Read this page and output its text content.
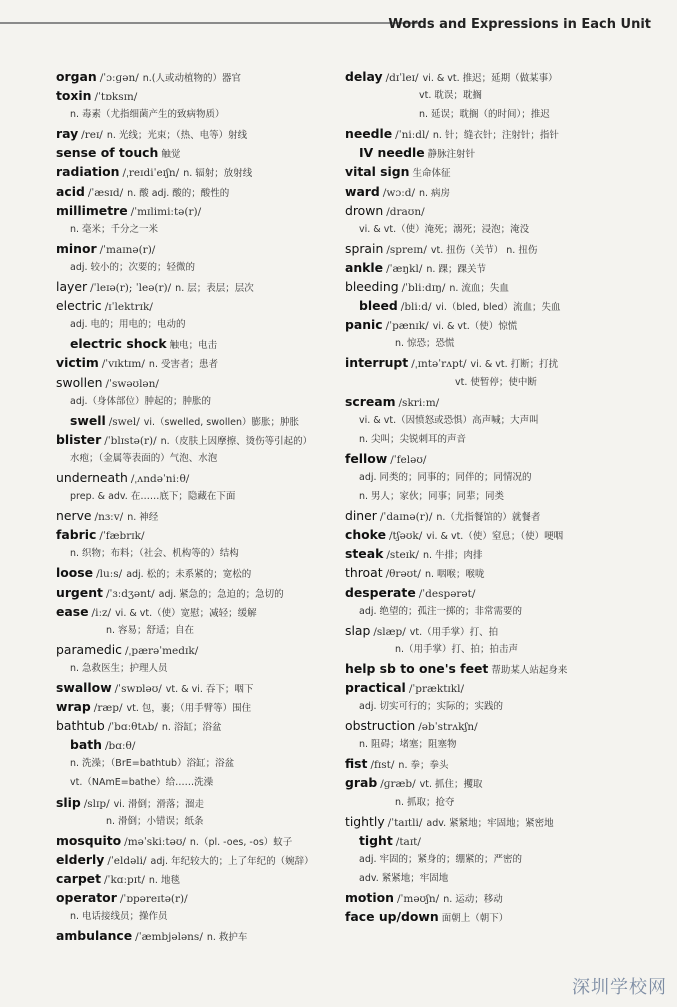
Words and Expressions in Each Unit
organ /ˈɔːɡən/ n.(人或动植物的）器官
toxin /ˈtɒksɪn/
n. 毒素（尤指细菌产生的致病物质）
ray /reɪ/ n. 光线；光束；（热、电等）射线
sense of touch 触觉
radiation /ˌreɪdiˈeɪʃn/ n. 辐射；放射线
acid /ˈæsɪd/ n. 酸 adj. 酸的；酸性的
millimetre /ˈmɪlimiːtə(r)/
n. 毫米；千分之一米
minor /ˈmaɪnə(r)/
adj. 较小的；次要的；轻微的
layer /ˈleɪə(r); ˈleə(r)/ n. 层；表层；层次
electric /ɪˈlektrɪk/
adj. 电的；用电的；电动的
electric shock 触电；电击
victim /ˈvɪktɪm/ n. 受害者；患者
swollen /ˈswəʊlən/
adj.（身体部位）肿起的；肿胀的
swell /swel/ vi.（swelled, swollen）膨胀；肿胀
blister /ˈblɪstə(r)/ n.（皮肤上因摩擦、烫伤等引起的）
水疱；（金属等表面的）气泡、水泡
underneath /ˌʌndəˈniːθ/
prep. & adv. 在……底下；隐藏在下面
nerve /nɜːv/ n. 神经
fabric /ˈfæbrɪk/
n. 织物；布料；（社会、机构等的）结构
loose /luːs/ adj. 松的；未系紧的；宽松的
urgent /ˈɜːdʒənt/ adj. 紧急的；急迫的；急切的
ease /iːz/ vi. & vt.（使）宽慰；减轻；缓解
n. 容易；舒适；自在
paramedic /ˌpærəˈmedɪk/
n. 急救医生；护理人员
swallow /ˈswɒləʊ/ vt. & vi. 吞下；咽下
wrap /ræp/ vt. 包，裹；（用手臂等）围住
bathtub /ˈbɑːθtʌb/ n. 浴缸；浴盆
bath /bɑːθ/
n. 洗澡；（BrE=bathtub）浴缸；浴盆
vt.（NAmE=bathe）给……洗澡
slip /slɪp/ vi. 滑倒；滑落；溜走
n. 滑倒；小错误；纸条
mosquito /məˈskiːtəʊ/ n.（pl. -oes, -os）蚊子
elderly /ˈeldəli/ adj. 年纪较大的；上了年纪的（婉辞）
carpet /ˈkɑːpɪt/ n. 地毯
operator /ˈɒpəreɪtə(r)/
n. 电话接线员；操作员
ambulance /ˈæmbjələns/ n. 救护车
delay /dɪˈleɪ/ vi. & vt. 推迟；延期（做某事）
vt. 耽误；耽搁
n. 延误；耽搁（的时间）；推迟
needle /ˈniːdl/ n. 针；缝衣针；注射针；指针
IV needle 静脉注射针
vital sign 生命体征
ward /wɔːd/ n. 病房
drown /draʊn/
vi. & vt.（使）淹死；溺死；浸泡；淹没
sprain /spreɪn/ vt. 扭伤（关节） n. 扭伤
ankle /ˈæŋkl/ n. 踝；踝关节
bleeding /ˈbliːdɪŋ/ n. 流血；失血
bleed /bliːd/ vi.（bled, bled）流血；失血
panic /ˈpænɪk/ vi. & vt.（使）惊慌
n. 惊恐；恐慌
interrupt /ˌɪntəˈrʌpt/ vi. & vt. 打断；打扰
vt. 使暂停；使中断
scream /skriːm/
vi. & vt.（因愤怒或恐惧）高声喊；大声叫
n. 尖叫；尖锐刺耳的声音
fellow /ˈfeləʊ/
adj. 同类的；同事的；同伴的；同情况的
n. 男人；家伙；同事；同辈；同类
diner /ˈdaɪnə(r)/ n.（尤指餐馆的）就餐者
choke /tʃəʊk/ vi. & vt.（使）窒息；（使）哽咽
steak /steɪk/ n. 牛排；肉排
throat /θrəʊt/ n. 咽喉；喉咙
desperate /ˈdespərət/
adj. 绝望的；孤注一掷的；非常需要的
slap /slæp/ vt.（用手掌）打、拍
n.（用手掌）打、拍；拍击声
help sb to one's feet 帮助某人站起身来
practical /ˈpræktɪkl/
adj. 切实可行的；实际的；实践的
obstruction /əbˈstrʌkʃn/
n. 阻碍；堵塞；阻塞物
fist /fɪst/ n. 拳；拳头
grab /ɡræb/ vt. 抓住；攫取
n. 抓取；抢夺
tightly /ˈtaɪtli/ adv. 紧紧地；牢固地；紧密地
tight /taɪt/
adj. 牢固的；紧身的；绷紧的；严密的
adv. 紧紧地；牢固地
motion /ˈməʊʃn/ n. 运动；移动
face up/down 面朝上（朝下）
深圳学校网
